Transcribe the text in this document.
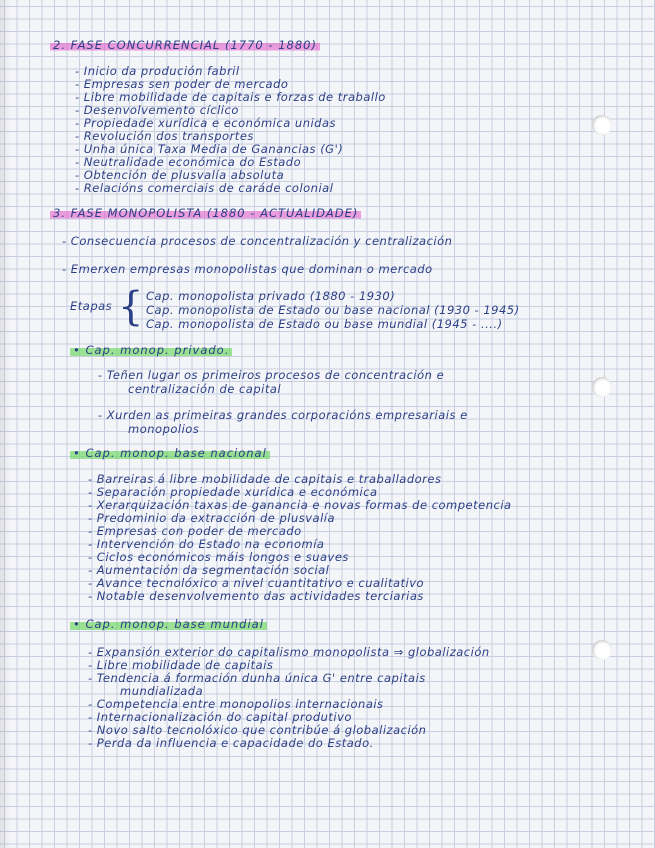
2. FASE CONCURRENCIAL (1770 - 1880)

- Inicio da produción fabril

- Empresas sen poder de mercado

- Libre mobilidade de capitais e forzas de traballo

- Desenvolvemento cíclico

- Propiedade xurídica e económica unidas

- Revolución dos transportes

- Unha única Taxa Media de Ganancias (G')

- Neutralidade económica do Estado

- Obtención de plusvalía absoluta

- Relacións comerciais de caráde colonial

3. FASE MONOPOLISTA (1880 - ACTUALIDADE)

- Consecuencia procesos de concentralización y centralización

- Emerxen empresas monopolistas que dominan o mercado

Etapas { Cap. monopolista privado (1880 - 1930)

Cap. monopolista de Estado ou base nacional (1930 - 1945)

Cap. monopolista de Estado ou base mundial (1945 - ....)

• Cap. monop. privado.

- Teñen lugar os primeiros procesos de concentración e

centralización de capital

- Xurden as primeiras grandes corporacións empresariais e

monopolios

• Cap. monop. base nacional

- Barreiras á libre mobilidade de capitais e traballadores

- Separación propiedade xurídica e económica

- Xerarquización taxas de ganancia e novas formas de competencia

- Predominio da extracción de plusvalía

- Empresas con poder de mercado

- Intervención do Estado na economía

- Ciclos económicos máis longos e suaves

- Aumentación da segmentación social

- Avance tecnolóxico a nivel cuantitativo e cualitativo

- Notable desenvolvemento das actividades terciarias

• Cap. monop. base mundial

- Expansión exterior do capitalismo monopolista ⇒ globalización

- Libre mobilidade de capitais

- Tendencia á formación dunha única G' entre capitais

mundializada

- Competencia entre monopolios internacionais

- Internacionalización do capital produtivo

- Novo salto tecnolóxico que contribúe á globalización

- Perda da influencia e capacidade do Estado.
